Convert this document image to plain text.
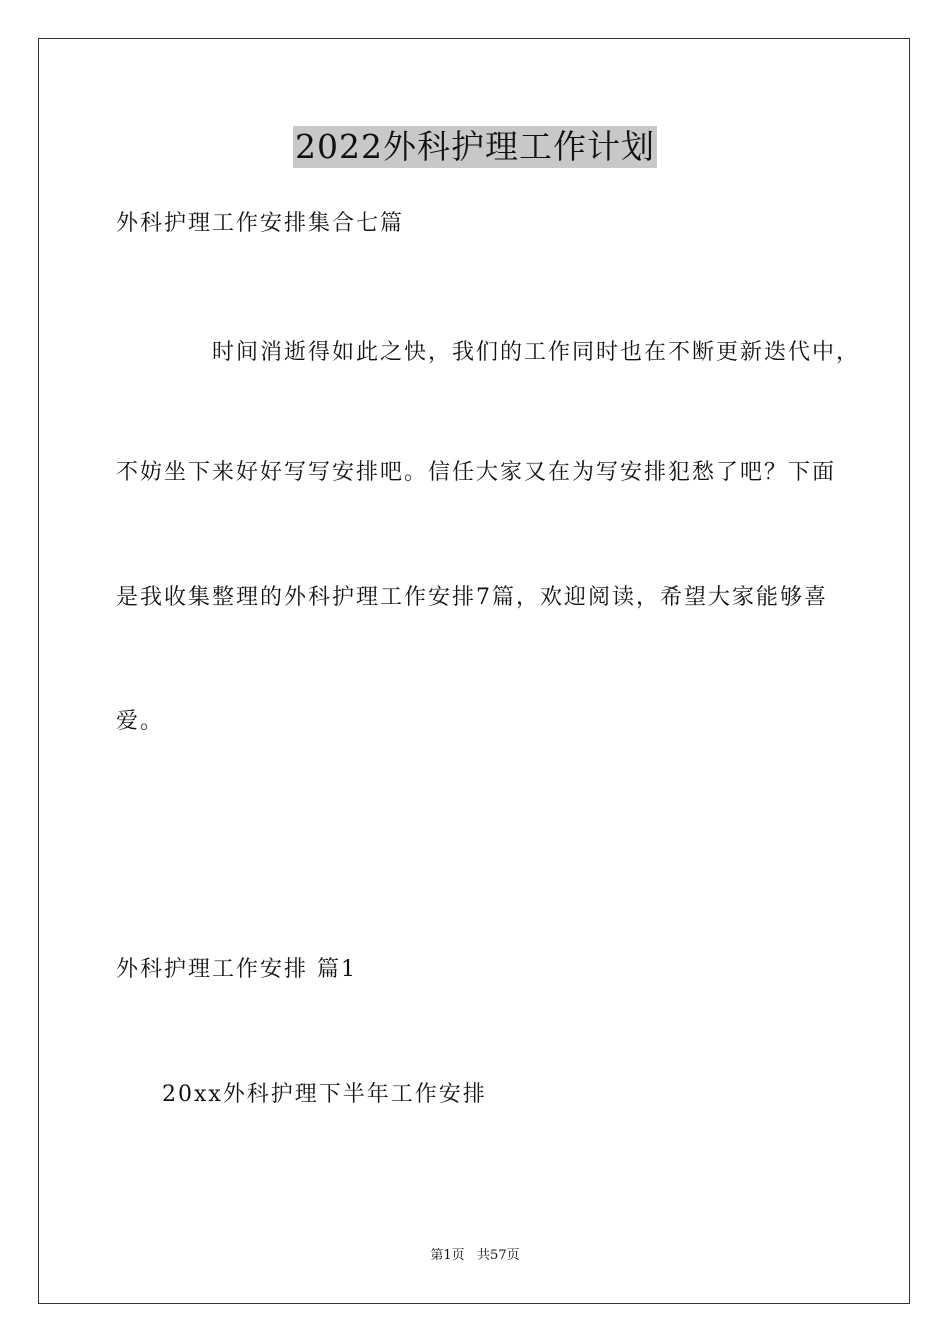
2022外科护理工作计划
外科护理工作安排集合七篇
时间消逝得如此之快，我们的工作同时也在不断更新迭代中，
不妨坐下来好好写写安排吧。信任大家又在为写安排犯愁了吧？下面
是我收集整理的外科护理工作安排7篇，欢迎阅读，希望大家能够喜
爱。
外科护理工作安排 篇1
20xx外科护理下半年工作安排
第1页   共57页
